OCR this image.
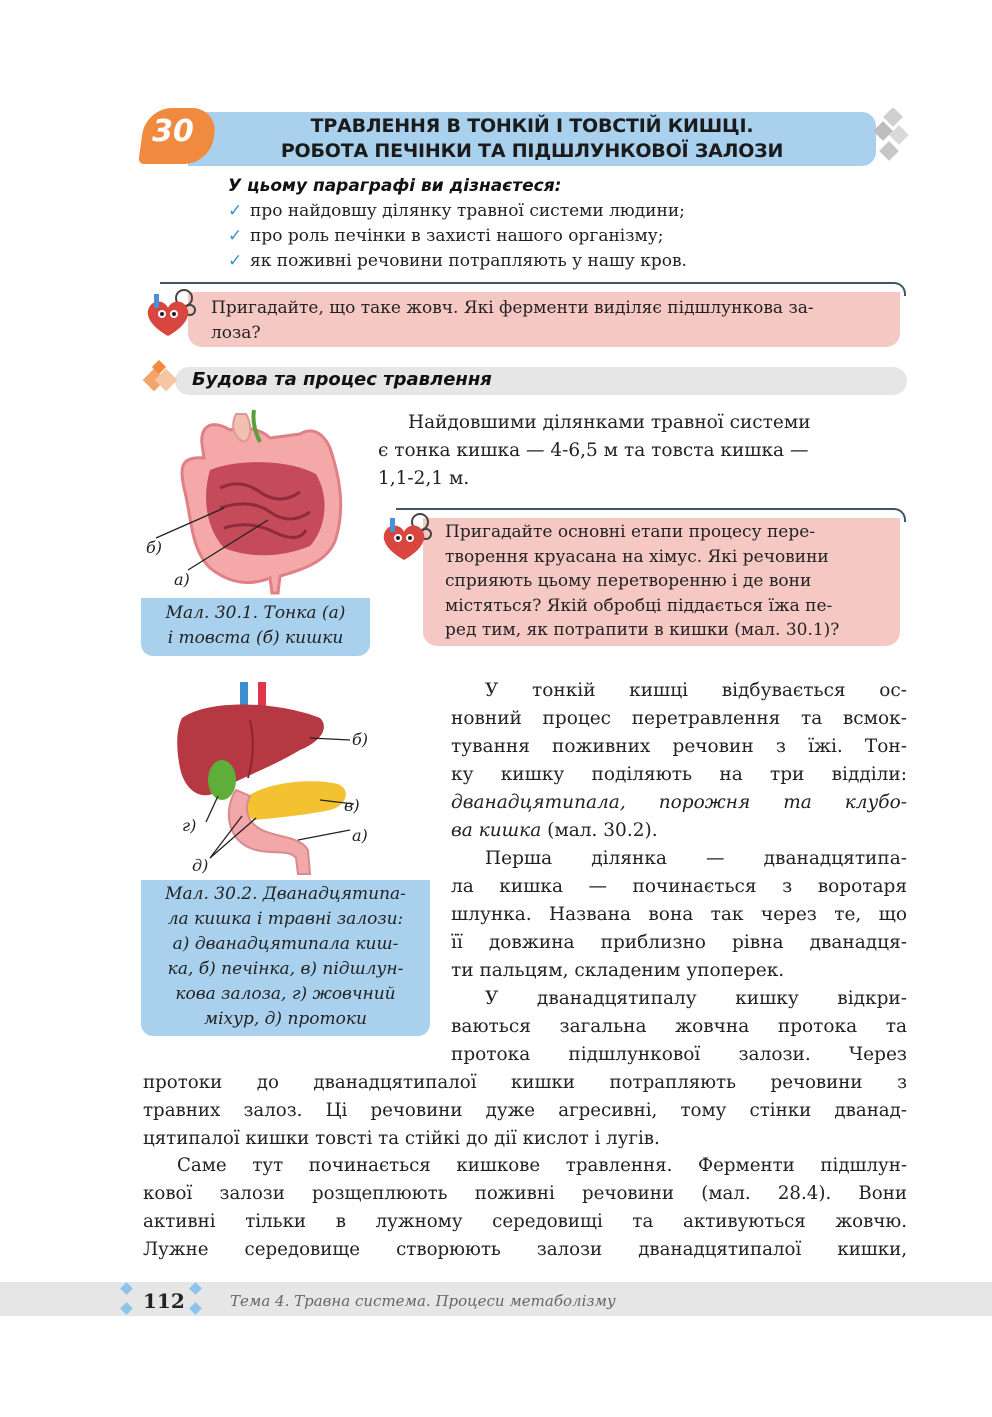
ТРАВЛЕННЯ В ТОНКІЙ І ТОВСТІЙ КИШЦІ.
РОБОТА ПЕЧІНКИ ТА ПІДШЛУНКОВОЇ ЗАЛОЗИ
30
У цьому параграфі ви дізнаєтеся:
✓ про найдовшу ділянку травної системи людини;
✓ про роль печінки в захисті нашого організму;
✓ як поживні речовини потрапляють у нашу кров.
Пригадайте, що таке жовч. Які ферменти виділяє підшлункова за-
лоза?
Будова та процес травлення
б)
а)
Мал. 30.1. Тонка (а)
і товста (б) кишки
Найдовшими ділянками травної системи
є тонка кишка — 4-6,5 м та товста кишка —
1,1-2,1 м.
Пригадайте основні етапи процесу пере-
творення круасана на хімус. Які речовини
сприяють цьому перетворенню і де вони
містяться? Якій обробці піддається їжа пе-
ред тим, як потрапити в кишки (мал. 30.1)?
б)
в)
а)
г)
д)
Мал. 30.2. Дванадцятипа-
ла кишка і травні залози:
а) дванадцятипала киш-
ка, б) печінка, в) підшлун-
кова залоза, г) жовчний
міхур, д) протоки
У тонкій кишці відбувається ос-
новний процес перетравлення та всмок-
тування поживних речовин з їжі. Тон-
ку кишку поділяють на три відділи:
дванадцятипала, порожня та клубо-
ва кишка (мал. 30.2).
Перша ділянка — дванадцятипа-
ла кишка — починається з воротаря
шлунка. Названа вона так через те, що
її довжина приблизно рівна дванадця-
ти пальцям, складеним упоперек.
У дванадцятипалу кишку відкри-
ваються загальна жовчна протока та
протока підшлункової залози. Через
протоки до дванадцятипалої кишки потрапляють речовини з
травних залоз. Ці речовини дуже агресивні, тому стінки дванад-
цятипалої кишки товсті та стійкі до дії кислот і лугів.
Саме тут починається кишкове травлення. Ферменти підшлун-
кової залози розщеплюють поживні речовини (мал. 28.4). Вони
активні тільки в лужному середовищі та активуються жовчю.
Лужне середовище створюють залози дванадцятипалої кишки,
112	Тема 4. Травна система. Процеси метаболізму
